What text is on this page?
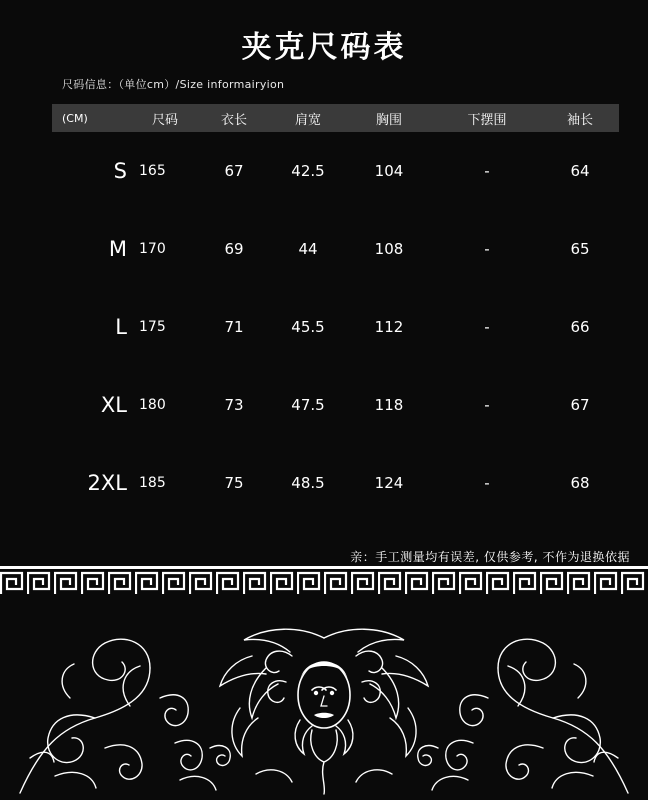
夹克尺码表
尺码信息：（单位cm）/Size informairyion
(CM)	尺码	衣长	肩宽	胸围	下摆围	袖长
S	165	67	42.5	104	-	64
M	170	69	44	108	-	65
L	175	71	45.5	112	-	66
XL	180	73	47.5	118	-	67
2XL	185	75	48.5	124	-	68
亲：手工测量均有误差, 仅供参考, 不作为退换依据
